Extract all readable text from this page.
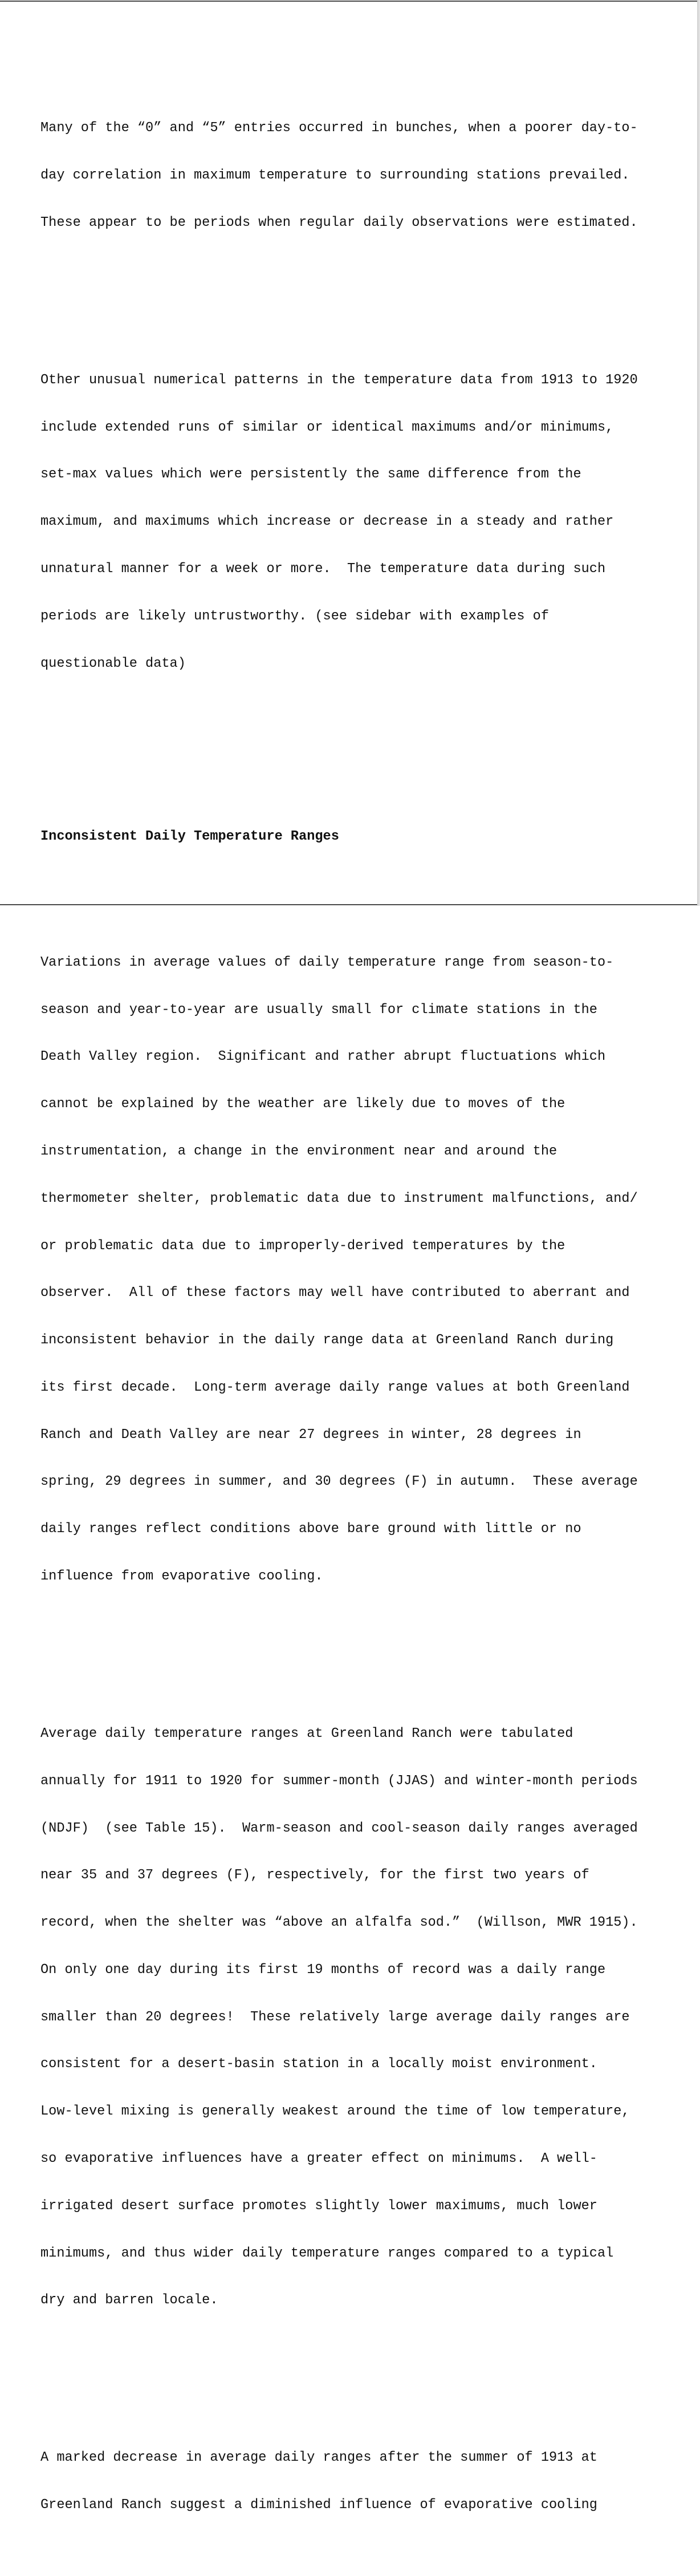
Many of the “0” and “5” entries occurred in bunches, when a poorer day-to-

day correlation in maximum temperature to surrounding stations prevailed.

These appear to be periods when regular daily observations were estimated.

Other unusual numerical patterns in the temperature data from 1913 to 1920

include extended runs of similar or identical maximums and/or minimums,

set-max values which were persistently the same difference from the

maximum, and maximums which increase or decrease in a steady and rather

unnatural manner for a week or more.  The temperature data during such

periods are likely untrustworthy. (see sidebar with examples of

questionable data)

Inconsistent Daily Temperature Ranges

Variations in average values of daily temperature range from season-to-

season and year-to-year are usually small for climate stations in the

Death Valley region.  Significant and rather abrupt fluctuations which

cannot be explained by the weather are likely due to moves of the

instrumentation, a change in the environment near and around the

thermometer shelter, problematic data due to instrument malfunctions, and/

or problematic data due to improperly-derived temperatures by the

observer.  All of these factors may well have contributed to aberrant and

inconsistent behavior in the daily range data at Greenland Ranch during

its first decade.  Long-term average daily range values at both Greenland

Ranch and Death Valley are near 27 degrees in winter, 28 degrees in

spring, 29 degrees in summer, and 30 degrees (F) in autumn.  These average

daily ranges reflect conditions above bare ground with little or no

influence from evaporative cooling.

Average daily temperature ranges at Greenland Ranch were tabulated

annually for 1911 to 1920 for summer-month (JJAS) and winter-month periods

(NDJF)  (see Table 15).  Warm-season and cool-season daily ranges averaged

near 35 and 37 degrees (F), respectively, for the first two years of

record, when the shelter was “above an alfalfa sod.”  (Willson, MWR 1915).

On only one day during its first 19 months of record was a daily range

smaller than 20 degrees!  These relatively large average daily ranges are

consistent for a desert-basin station in a locally moist environment.

Low-level mixing is generally weakest around the time of low temperature,

so evaporative influences have a greater effect on minimums.  A well-

irrigated desert surface promotes slightly lower maximums, much lower

minimums, and thus wider daily temperature ranges compared to a typical

dry and barren locale.

A marked decrease in average daily ranges after the summer of 1913 at

Greenland Ranch suggest a diminished influence of evaporative cooling
